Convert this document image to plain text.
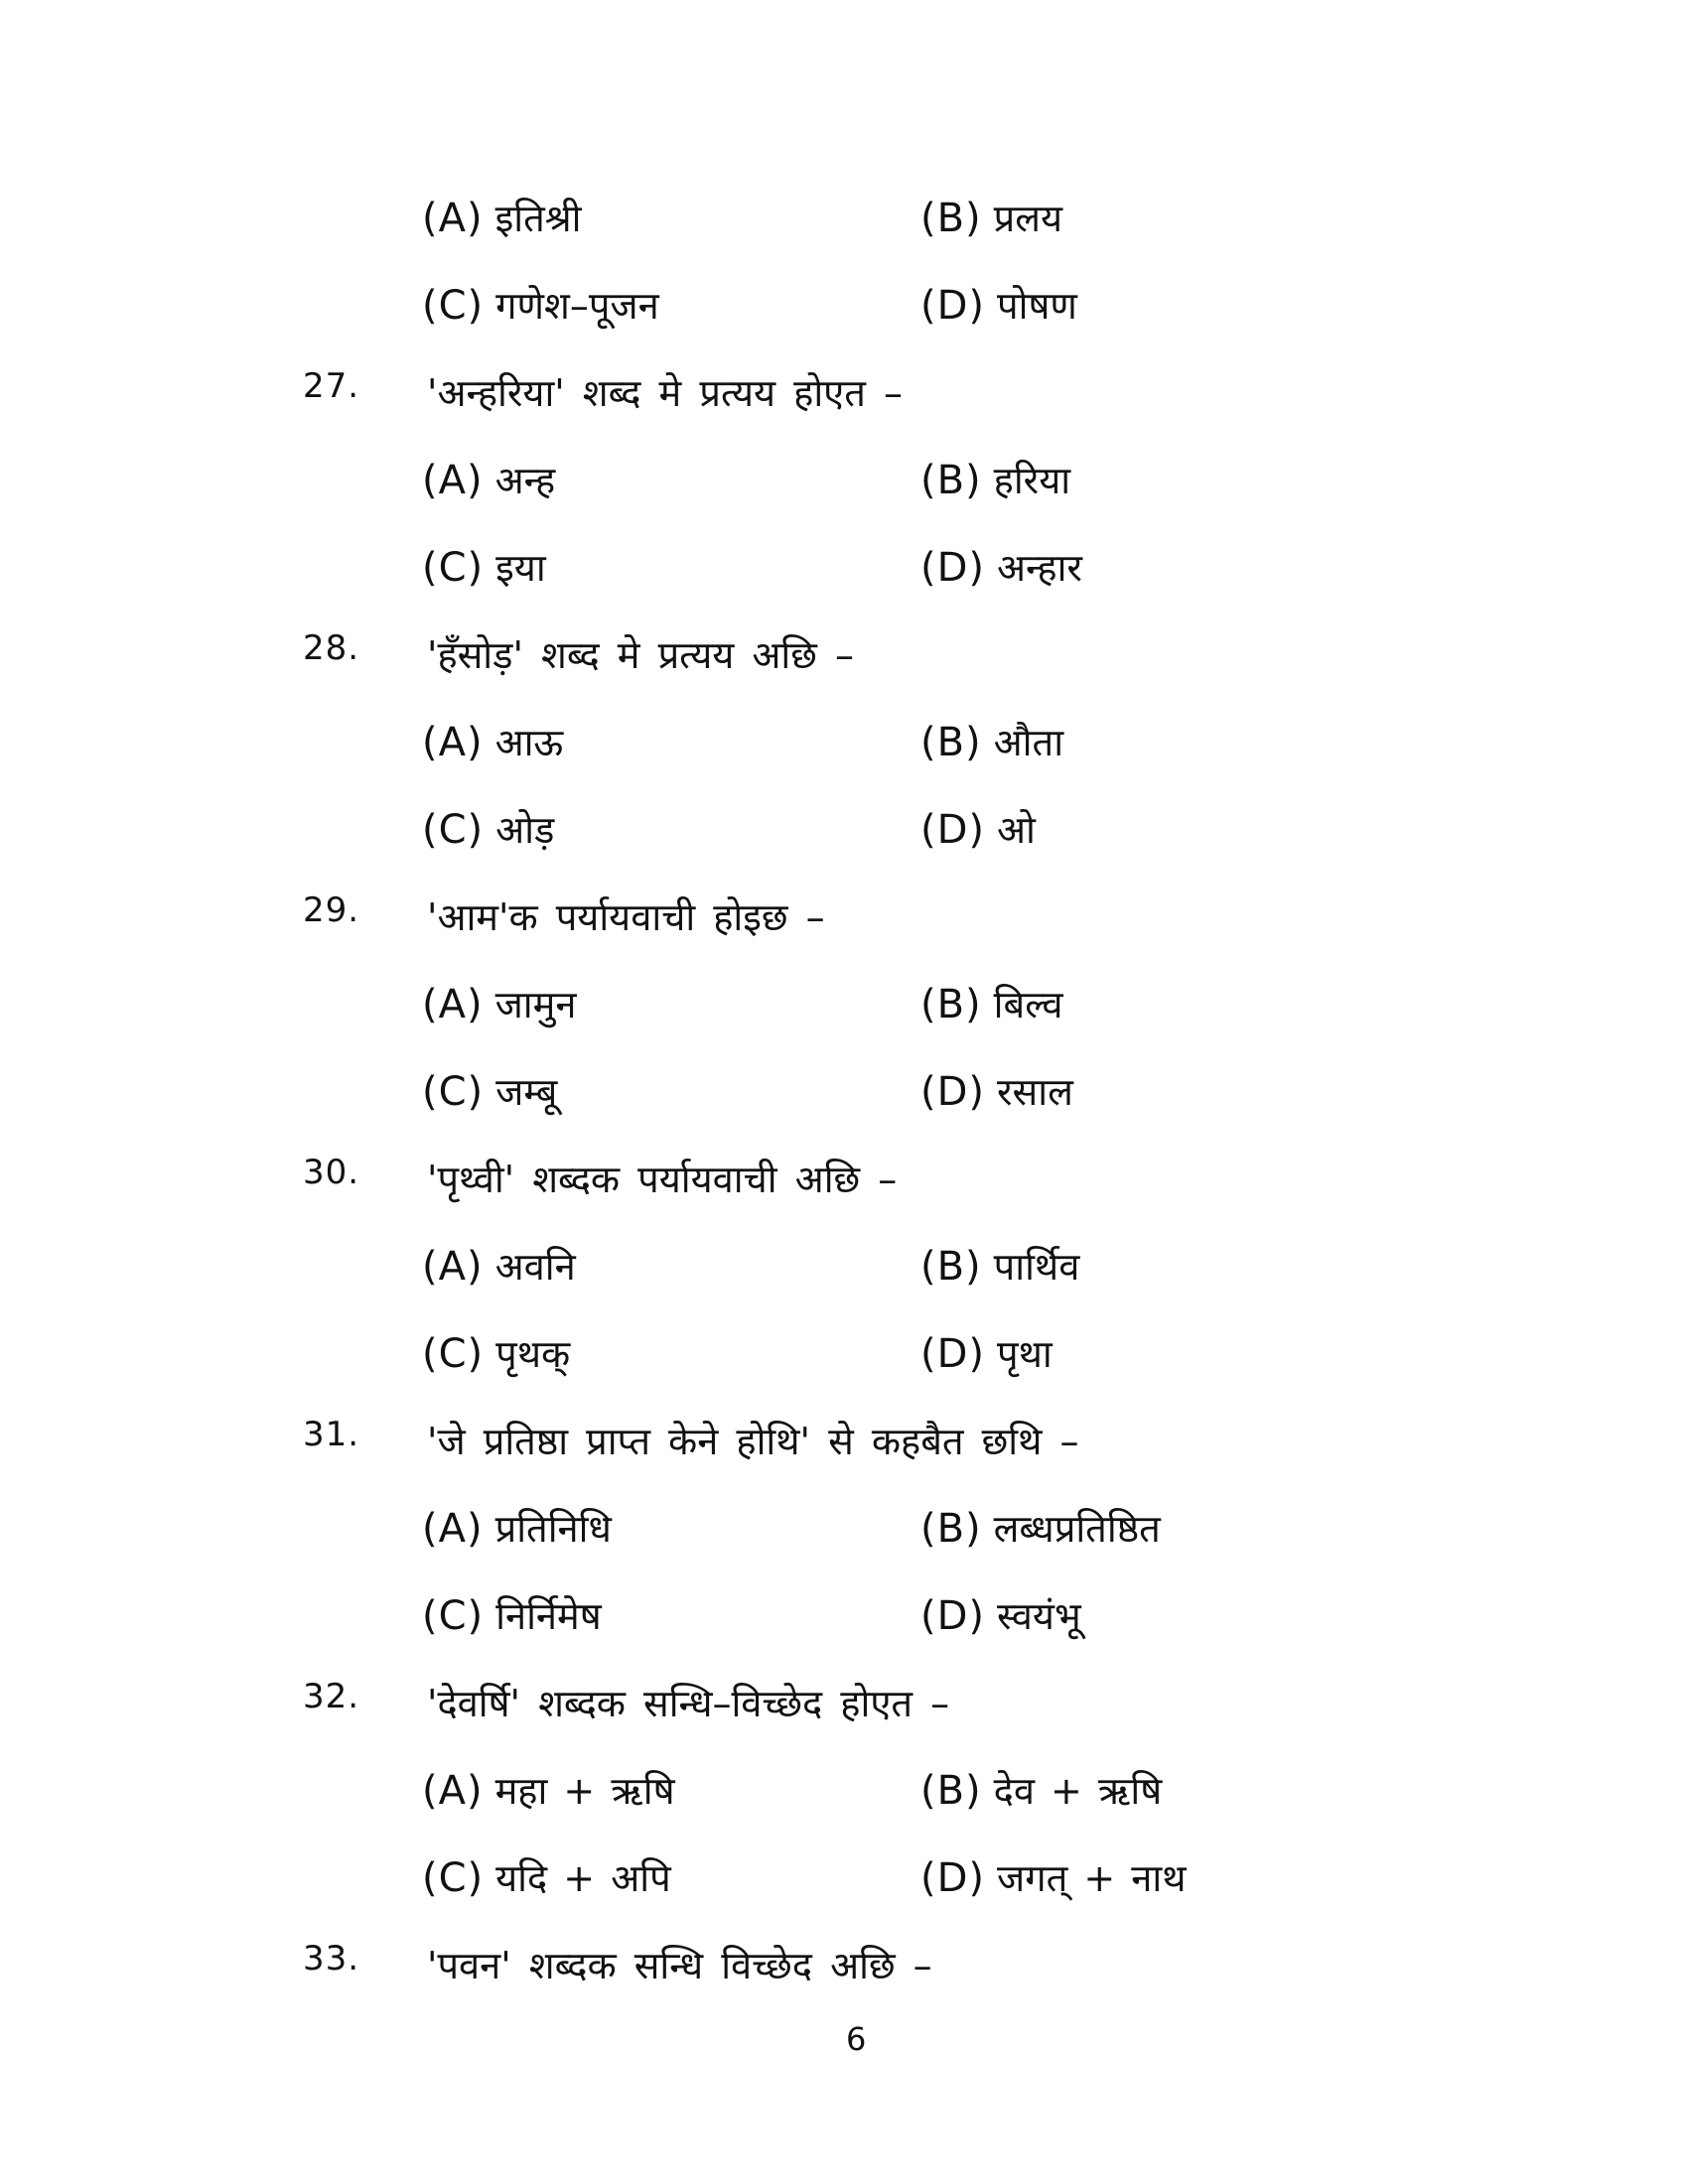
(A) इतिश्री	(B) प्रलय
(C) गणेश–पूजन	(D) पोषण
27. 'अन्हरिया' शब्द मे प्रत्यय होएत –
(A) अन्ह	(B) हरिया
(C) इया	(D) अन्हार
28. 'हँसोड़' शब्द मे प्रत्यय अछि –
(A) आऊ	(B) औता
(C) ओड़	(D) ओ
29. 'आम'क पर्यायवाची होइछ –
(A) जामुन	(B) बिल्व
(C) जम्बू	(D) रसाल
30. 'पृथ्वी' शब्दक पर्यायवाची अछि –
(A) अवनि	(B) पार्थिव
(C) पृथक्	(D) पृथा
31. 'जे प्रतिष्ठा प्राप्त केने होथि' से कहबैत छथि –
(A) प्रतिनिधि	(B) लब्धप्रतिष्ठित
(C) निर्निमेष	(D) स्वयंभू
32. 'देवर्षि' शब्दक सन्धि–विच्छेद होएत –
(A) महा + ऋषि	(B) देव + ऋषि
(C) यदि + अपि	(D) जगत् + नाथ
33. 'पवन' शब्दक सन्धि विच्छेद अछि –
6
